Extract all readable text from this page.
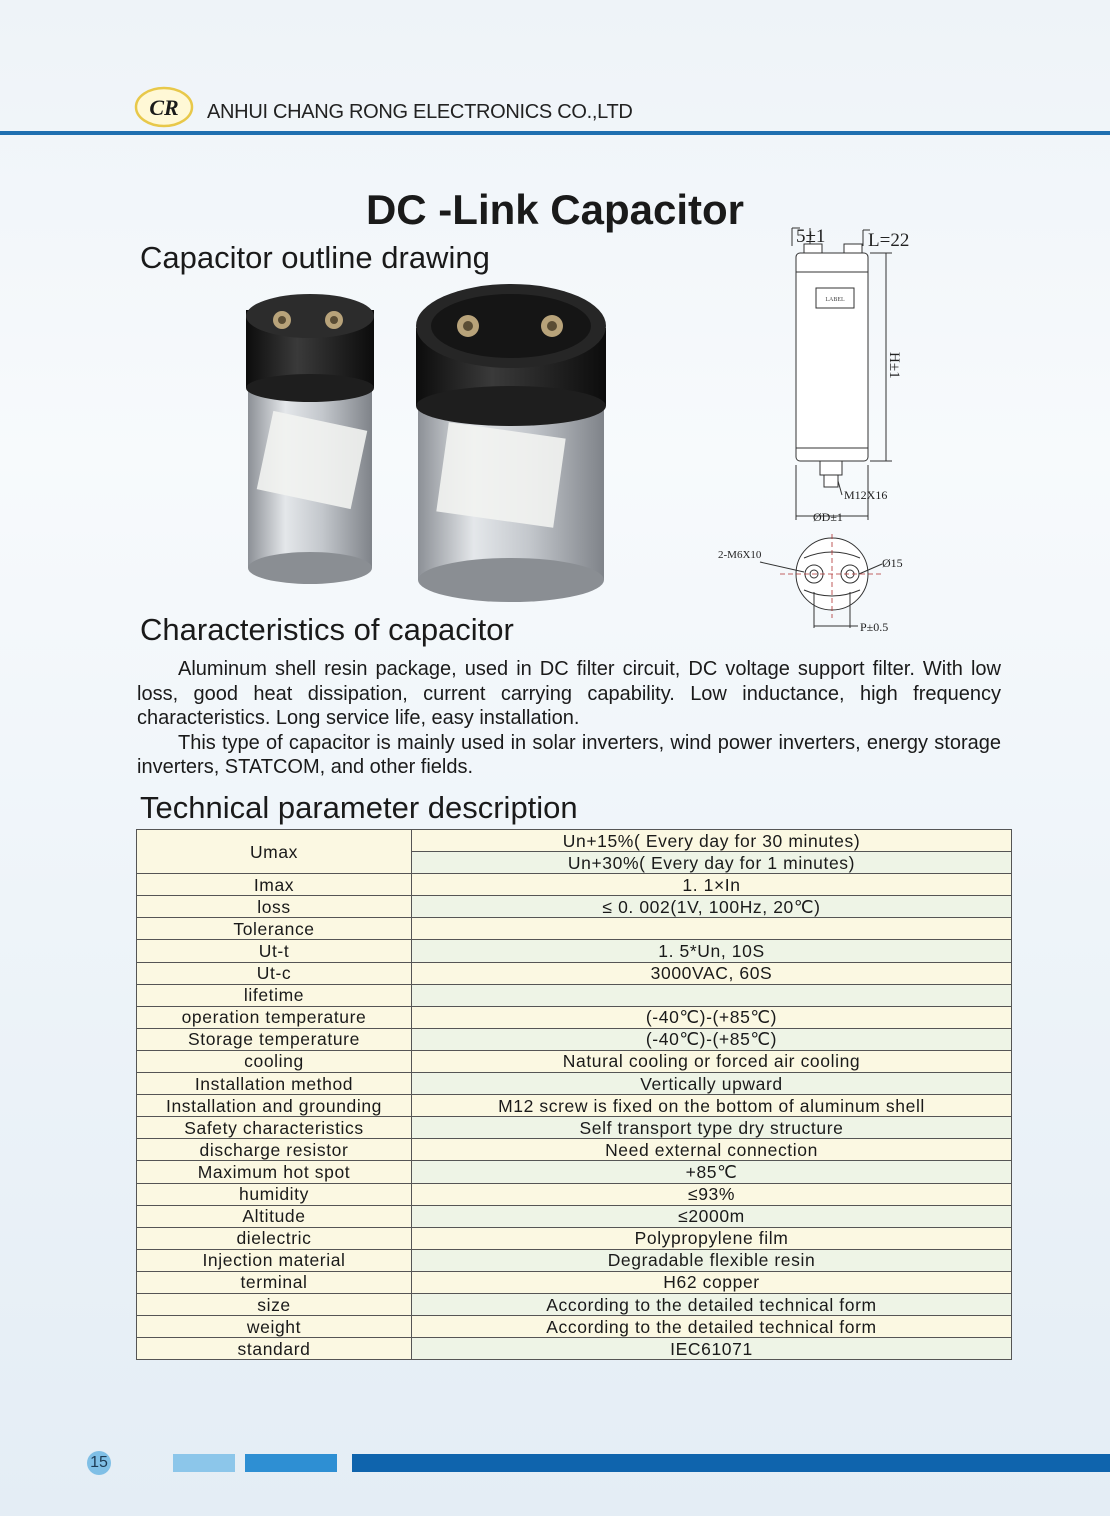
CR ANHUI CHANG RONG ELECTRONICS CO.,LTD
DC -Link Capacitor
Capacitor outline drawing
5±1 L=22
LABEL
H±1
M12X16
ØD±1
2-M6X10
Ø15
P±0.5
Characteristics of capacitor

Aluminum shell resin package, used in DC filter circuit, DC voltage support filter. With low loss, good heat dissipation, current carrying capability. Low inductance, high frequency characteristics. Long service life, easy installation.

This type of capacitor is mainly used in solar inverters, wind power inverters, energy storage inverters, STATCOM, and other fields.

Technical parameter description
Umax	Un+15%( Every day for 30 minutes)
	Un+30%( Every day for 1 minutes)
Imax	1. 1×In
loss	≤ 0. 002(1V, 100Hz, 20℃)
Tolerance	
Ut-t	1. 5*Un, 10S
Ut-c	3000VAC, 60S
lifetime	
operation temperature	(-40℃)-(+85℃)
Storage temperature	(-40℃)-(+85℃)
cooling	Natural cooling or forced air cooling
Installation method	Vertically upward
Installation and grounding	M12 screw is fixed on the bottom of aluminum shell
Safety characteristics	Self transport type dry structure
discharge resistor	Need external connection
Maximum hot spot	+85℃
humidity	≤93%
Altitude	≤2000m
dielectric	Polypropylene film
Injection material	Degradable flexible resin
terminal	H62 copper
size	According to the detailed technical form
weight	According to the detailed technical form
standard	IEC61071
15
